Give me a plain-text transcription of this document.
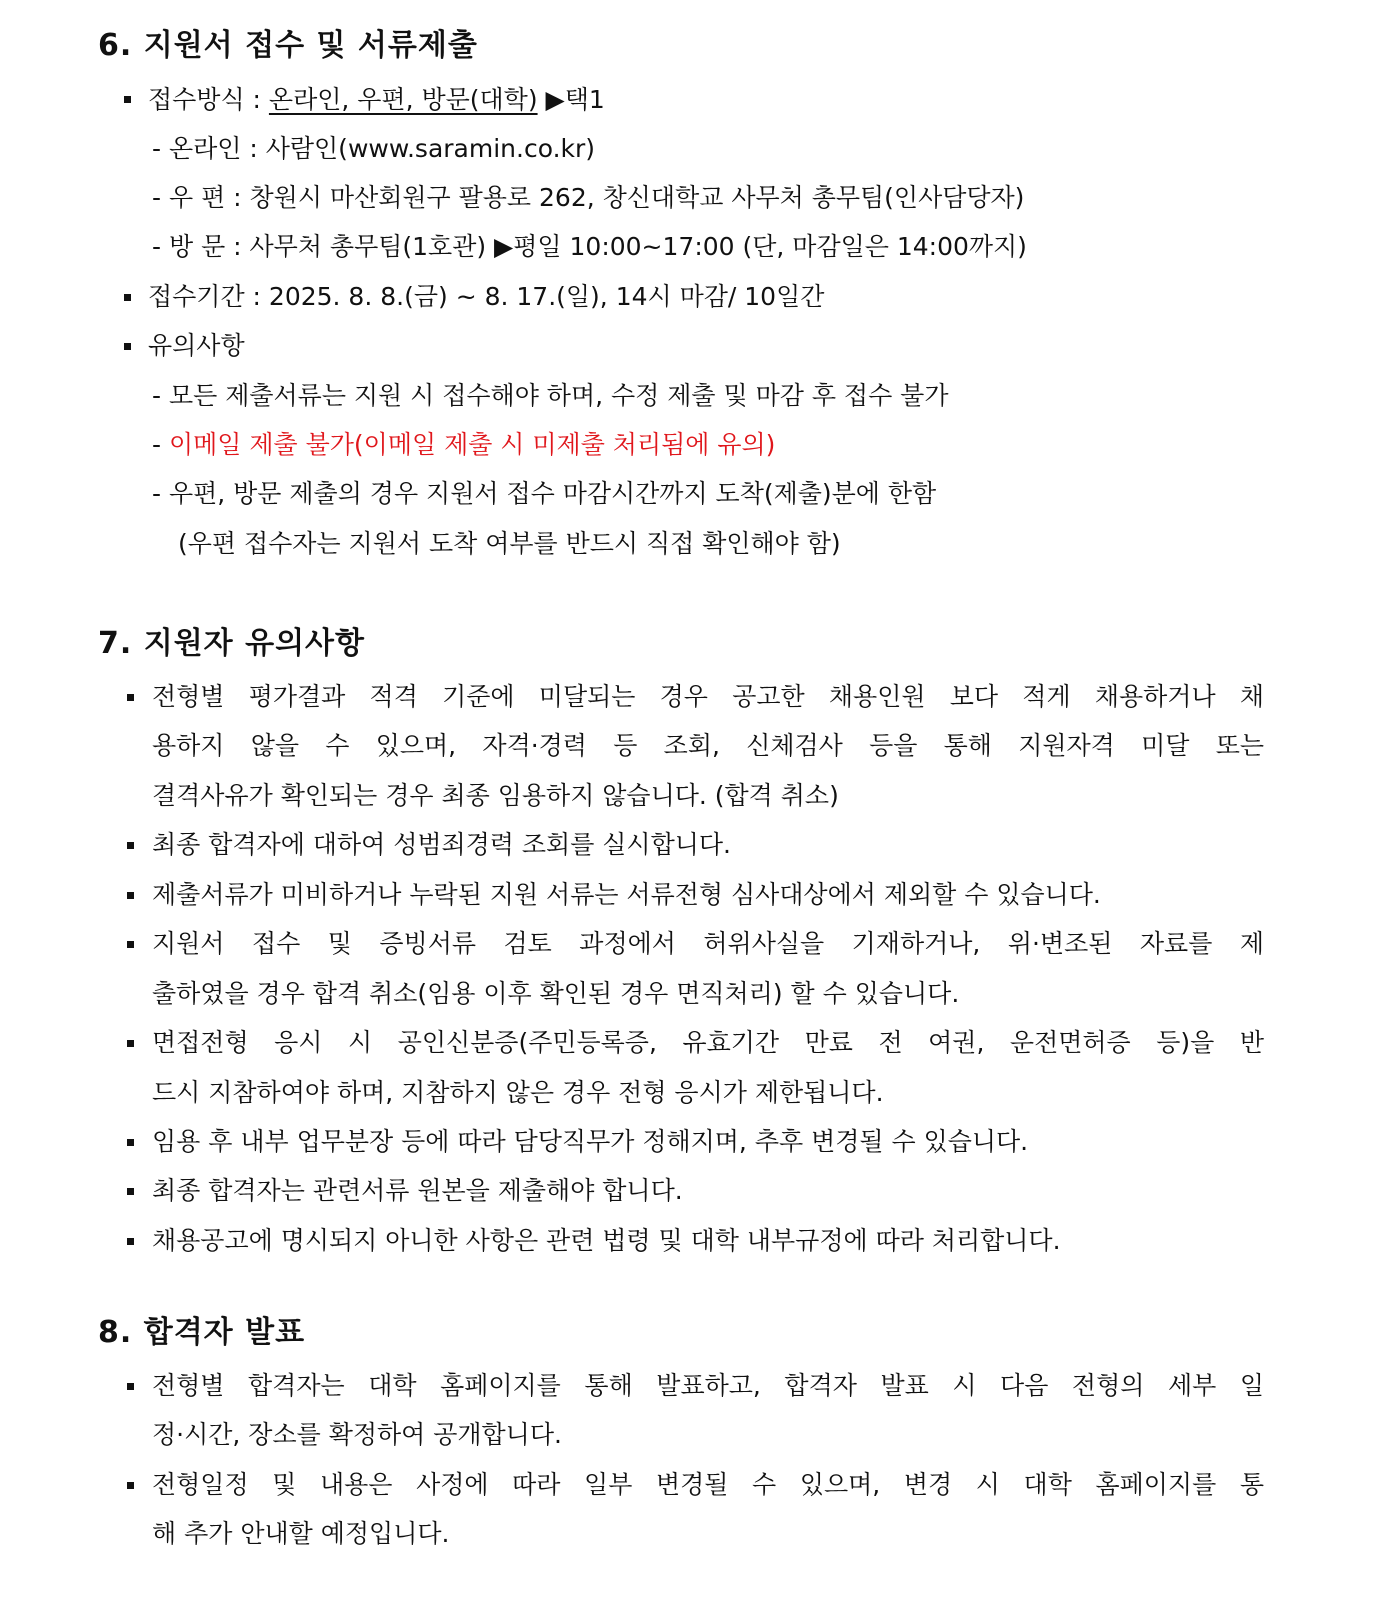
6. 지원서 접수 및 서류제출
접수방식 : 온라인, 우편, 방문(대학) ▶택1
- 온라인 : 사람인(www.saramin.co.kr)
- 우 편 : 창원시 마산회원구 팔용로 262, 창신대학교 사무처 총무팀(인사담당자)
- 방 문 : 사무처 총무팀(1호관) ▶평일 10:00~17:00 (단, 마감일은 14:00까지)
접수기간 : 2025. 8. 8.(금) ~ 8. 17.(일), 14시 마감/ 10일간
유의사항
- 모든 제출서류는 지원 시 접수해야 하며, 수정 제출 및 마감 후 접수 불가
- 이메일 제출 불가(이메일 제출 시 미제출 처리됨에 유의)
- 우편, 방문 제출의 경우 지원서 접수 마감시간까지 도착(제출)분에 한함
(우편 접수자는 지원서 도착 여부를 반드시 직접 확인해야 함)
7. 지원자 유의사항
전형별 평가결과 적격 기준에 미달되는 경우 공고한 채용인원 보다 적게 채용하거나 채
용하지 않을 수 있으며, 자격·경력 등 조회, 신체검사 등을 통해 지원자격 미달 또는
결격사유가 확인되는 경우 최종 임용하지 않습니다. (합격 취소)
최종 합격자에 대하여 성범죄경력 조회를 실시합니다.
제출서류가 미비하거나 누락된 지원 서류는 서류전형 심사대상에서 제외할 수 있습니다.
지원서 접수 및 증빙서류 검토 과정에서 허위사실을 기재하거나, 위·변조된 자료를 제
출하였을 경우 합격 취소(임용 이후 확인된 경우 면직처리) 할 수 있습니다.
면접전형 응시 시 공인신분증(주민등록증, 유효기간 만료 전 여권, 운전면허증 등)을 반
드시 지참하여야 하며, 지참하지 않은 경우 전형 응시가 제한됩니다.
임용 후 내부 업무분장 등에 따라 담당직무가 정해지며, 추후 변경될 수 있습니다.
최종 합격자는 관련서류 원본을 제출해야 합니다.
채용공고에 명시되지 아니한 사항은 관련 법령 및 대학 내부규정에 따라 처리합니다.
8. 합격자 발표
전형별 합격자는 대학 홈페이지를 통해 발표하고, 합격자 발표 시 다음 전형의 세부 일
정·시간, 장소를 확정하여 공개합니다.
전형일정 및 내용은 사정에 따라 일부 변경될 수 있으며, 변경 시 대학 홈페이지를 통
해 추가 안내할 예정입니다.
